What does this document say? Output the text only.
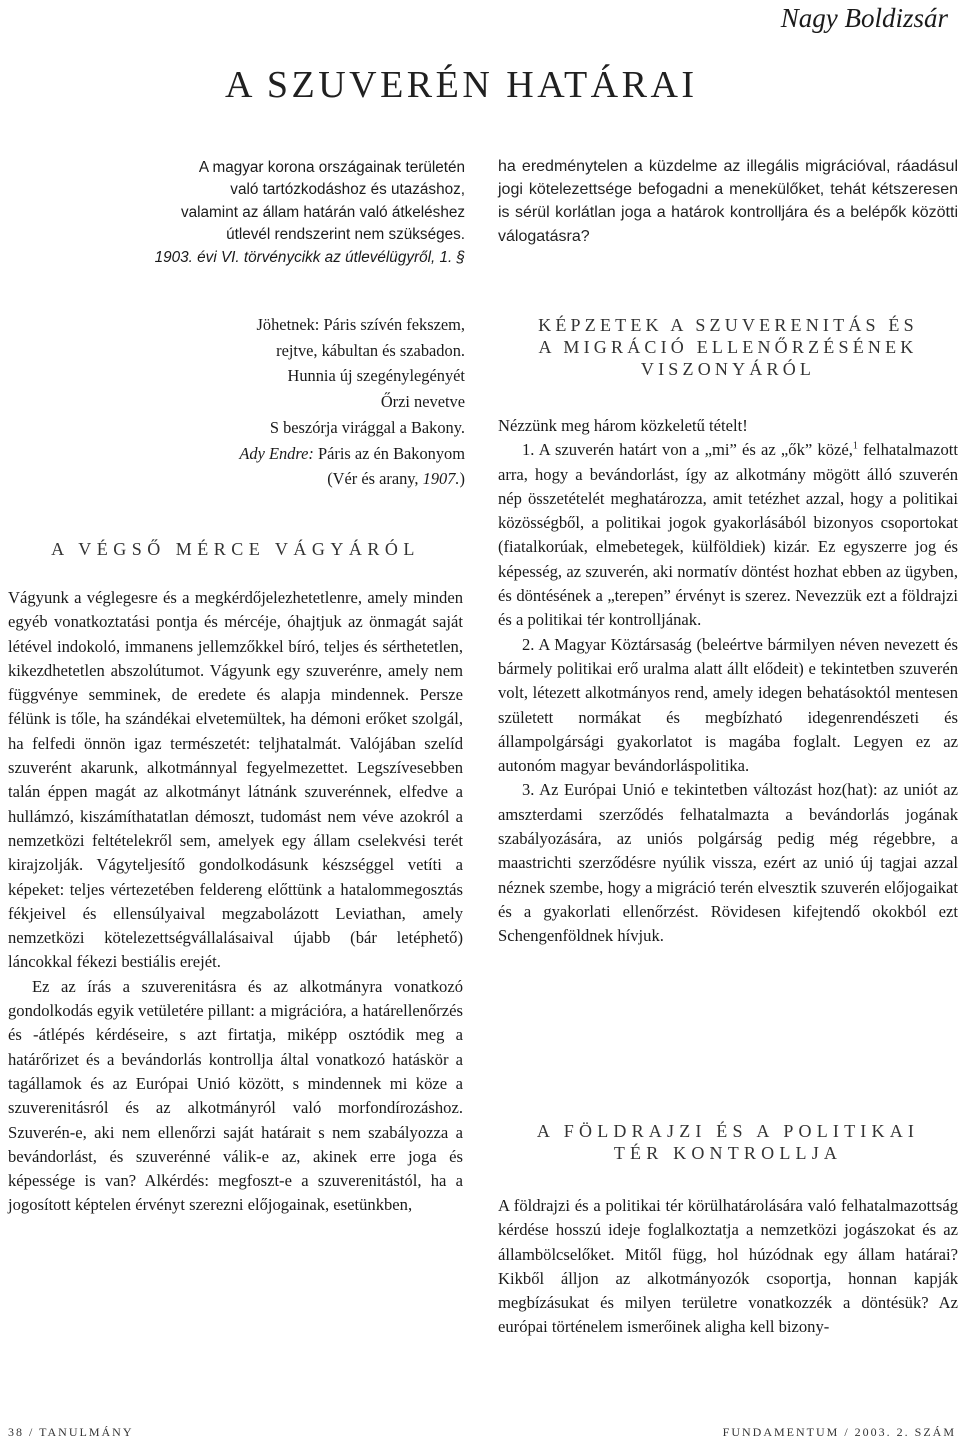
Nagy Boldizsár
A SZUVERÉN HATÁRAI
A magyar korona országainak területén
való tartózkodáshoz és utazáshoz,
valamint az állam határán való átkeléshez
útlevél rendszerint nem szükséges.
1903. évi VI. törvénycikk az útlevélügyről, 1. §
Jöhetnek: Páris szívén fekszem,
rejtve, kábultan és szabadon.
Hunnia új szegénylegényét
Őrzi nevetve
S beszórja virággal a Bakony.
Ady Endre: Páris az én Bakonyom
(Vér és arany, 1907.)
A VÉGSŐ MÉRCE VÁGYÁRÓL

Vágyunk a véglegesre és a megkérdőjelezhetetlenre, amely minden egyéb vonatkoztatási pontja és mércéje, óhajtjuk az önmagát saját létével indokoló, immanens jellemzőkkel bíró, teljes és sérthetetlen, kikezdhetetlen abszolútumot. Vágyunk egy szuverénre, amely nem függvénye semminek, de eredete és alapja mindennek. Persze félünk is tőle, ha szándékai elvetemültek, ha démoni erőket szolgál, ha felfedi önnön igaz természetét: teljhatalmát. Valójában szelíd szuverént akarunk, alkotmánnyal fegyelmezettet. Legszívesebben talán éppen magát az alkotmányt látnánk szuverénnek, elfedve a hullámzó, kiszámíthatatlan démoszt, tudomást nem véve azokról a nemzetközi feltételekről sem, amelyek egy állam cselekvési terét kirajzolják. Vágyteljesítő gondolkodásunk készséggel vetíti a képeket: teljes vértezetében feldereng előttünk a hatalommegosztás fékjeivel és ellensúlyaival megzabolázott Leviathan, amely nemzetközi kötelezettségvállalásaival újabb (bár letéphető) láncokkal fékezi bestiális erejét.

Ez az írás a szuverenitásra és az alkotmányra vonatkozó gondolkodás egyik vetületére pillant: a migrációra, a határellenőrzés és -átlépés kérdéseire, s azt firtatja, miképp osztódik meg a határőrizet és a bevándorlás kontrollja által vonatkozó hatáskör a tagállamok és az Európai Unió között, s mindennek mi köze a szuverenitásról és az alkotmányról való morfondírozáshoz. Szuverén-e, aki nem ellenőrzi saját határait s nem szabályozza a bevándorlást, és szuverénné válik-e az, akinek erre joga és képessége is van? Alkérdés: megfoszt-e a szuverenitástól, ha a jogosított képtelen érvényt szerezni előjogainak, esetünkben,

ha eredménytelen a küzdelme az illegális migrációval, ráadásul jogi kötelezettsége befogadni a menekülőket, tehát kétszeresen is sérül korlátlan joga a határok kontrolljára és a belépők közötti válogatásra?
KÉPZETEK A SZUVERENITÁS ÉS
A MIGRÁCIÓ ELLENŐRZÉSÉNEK
VISZONYÁRÓL

Nézzünk meg három közkeletű tételt!

1. A szuverén határt von a „mi” és az „ők” közé,$^1$ felhatalmazott arra, hogy a bevándorlást, így az alkotmány mögött álló szuverén nép összetételét meghatározza, amit tetézhet azzal, hogy a politikai közösségből, a politikai jogok gyakorlásából bizonyos csoportokat (fiatalkorúak, elmebetegek, külföldiek) kizár. Ez egyszerre jog és képesség, az szuverén, aki normatív döntést hozhat ebben az ügyben, és döntésének a „terepen” érvényt is szerez. Nevezzük ezt a földrajzi és a politikai tér kontrolljának.

2. A Magyar Köztársaság (beleértve bármilyen néven nevezett és bármely politikai erő uralma alatt állt elődeit) e tekintetben szuverén volt, létezett alkotmányos rend, amely idegen behatásoktól mentesen született normákat és megbízható idegenrendészeti és állampolgársági gyakorlatot is magába foglalt. Legyen ez az autonóm magyar bevándorláspolitika.

3. Az Európai Unió e tekintetben változást hoz(hat): az uniót az amszterdami szerződés felhatalmazta a bevándorlás jogának szabályozására, az uniós polgárság pedig még régebbre, a maastrichti szerződésre nyúlik vissza, ezért az unió új tagjai azzal néznek szembe, hogy a migráció terén elvesztik szuverén előjogaikat és a gyakorlati ellenőrzést. Rövidesen kifejtendő okokból ezt Schengenföldnek hívjuk.

A FÖLDRAJZI ÉS A POLITIKAI
TÉR KONTROLLJA
A földrajzi és a politikai tér körülhatárolására való felhatalmazottság kérdése hosszú ideje foglalkoztatja a nemzetközi jogászokat és az állambölcselőket. Mitől függ, hol húzódnak egy állam határai? Kikből álljon az alkotmányozók csoportja, honnan kapják megbízásukat és milyen területre vonatkozzék a döntésük? Az európai történelem ismerőinek aligha kell bizony-
38 / TANULMÁNY	FUNDAMENTUM / 2003. 2. SZÁM
